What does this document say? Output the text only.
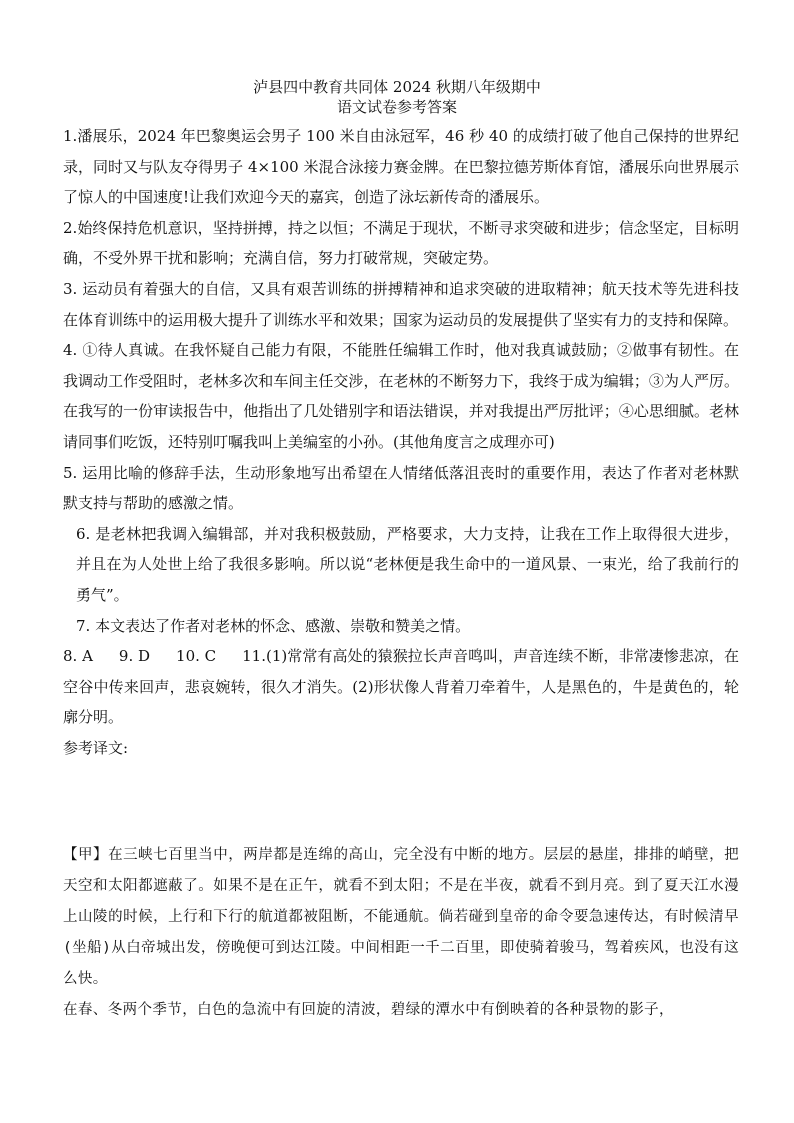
泸县四中教育共同体 2024 秋期八年级期中
语文试卷参考答案

1.潘展乐，2024 年巴黎奥运会男子 100 米自由泳冠军，46 秒 40 的成绩打破了他自己保持的世界纪录，同时又与队友夺得男子 4×100 米混合泳接力赛金牌。在巴黎拉德芳斯体育馆，潘展乐向世界展示了惊人的中国速度!让我们欢迎今天的嘉宾，创造了泳坛新传奇的潘展乐。

2.始终保持危机意识，坚持拼搏，持之以恒；不满足于现状，不断寻求突破和进步；信念坚定，目标明确，不受外界干扰和影响；充满自信，努力打破常规，突破定势。

3. 运动员有着强大的自信，又具有艰苦训练的拼搏精神和追求突破的进取精神；航天技术等先进科技在体育训练中的运用极大提升了训练水平和效果；国家为运动员的发展提供了坚实有力的支持和保障。

4. ①待人真诚。在我怀疑自己能力有限，不能胜任编辑工作时，他对我真诚鼓励；②做事有韧性。在我调动工作受阻时，老林多次和车间主任交涉，在老林的不断努力下，我终于成为编辑；③为人严厉。在我写的一份审读报告中，他指出了几处错别字和语法错误，并对我提出严厉批评；④心思细腻。老林请同事们吃饭，还特别叮嘱我叫上美编室的小孙。(其他角度言之成理亦可)

5. 运用比喻的修辞手法，生动形象地写出希望在人情绪低落沮丧时的重要作用，表达了作者对老林默默支持与帮助的感激之情。

6. 是老林把我调入编辑部，并对我积极鼓励，严格要求，大力支持，让我在工作上取得很大进步，并且在为人处世上给了我很多影响。所以说“老林便是我生命中的一道风景、一束光，给了我前行的勇气”。

7. 本文表达了作者对老林的怀念、感激、崇敬和赞美之情。

8. A 9. D 10. C 11.(1)常常有高处的猿猴拉长声音鸣叫，声音连续不断，非常凄惨悲凉，在空谷中传来回声，悲哀婉转，很久才消失。(2)形状像人背着刀牵着牛，人是黑色的，牛是黄色的，轮廓分明。

参考译文:

【甲】在三峡七百里当中，两岸都是连绵的高山，完全没有中断的地方。层层的悬崖，排排的峭壁，把天空和太阳都遮蔽了。如果不是在正午，就看不到太阳；不是在半夜，就看不到月亮。到了夏天江水漫上山陵的时候，上行和下行的航道都被阻断，不能通航。倘若碰到皇帝的命令要急速传达，有时候清早(坐船)从白帝城出发，傍晚便可到达江陵。中间相距一千二百里，即使骑着骏马，驾着疾风，也没有这么快。

在春、冬两个季节，白色的急流中有回旋的清波，碧绿的潭水中有倒映着的各种景物的影子，
